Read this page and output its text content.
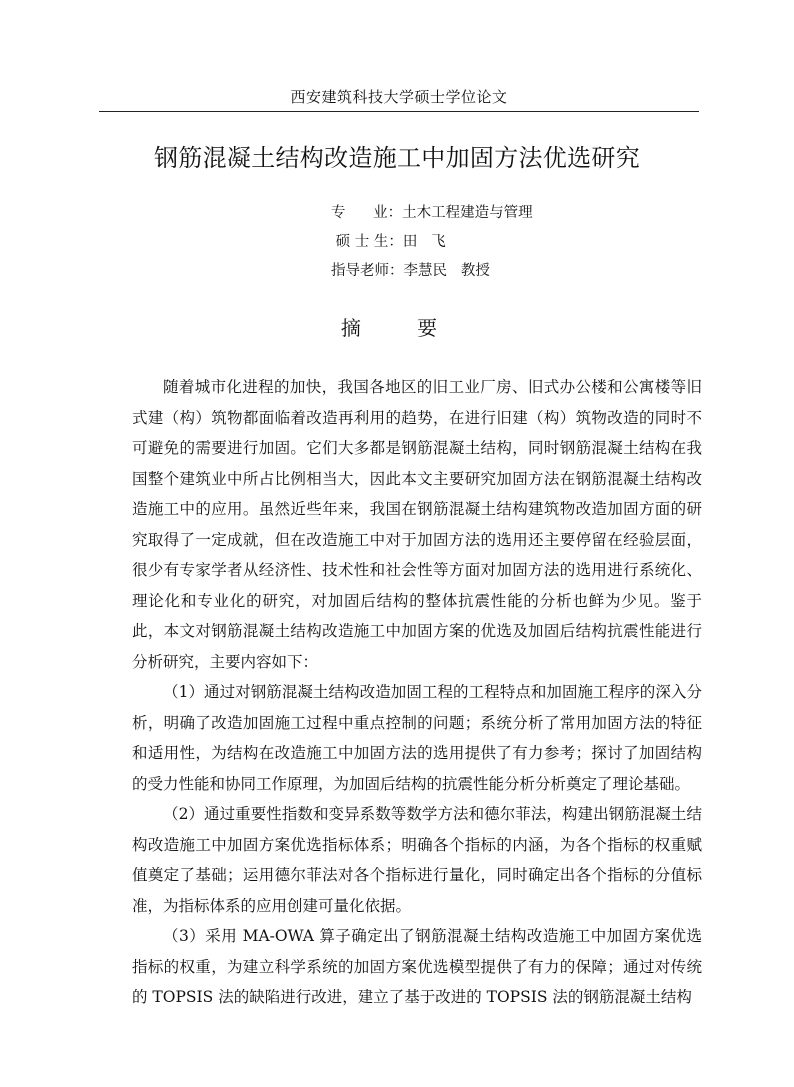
西安建筑科技大学硕士学位论文
钢筋混凝土结构改造施工中加固方法优选研究
专      业：土木工程建造与管理
硕 士 生：田   飞
指导老师：李慧民   教授
摘 要

随着城市化进程的加快，我国各地区的旧工业厂房、旧式办公楼和公寓楼等旧式建（构）筑物都面临着改造再利用的趋势，在进行旧建（构）筑物改造的同时不可避免的需要进行加固。它们大多都是钢筋混凝土结构，同时钢筋混凝土结构在我国整个建筑业中所占比例相当大，因此本文主要研究加固方法在钢筋混凝土结构改造施工中的应用。虽然近些年来，我国在钢筋混凝土结构建筑物改造加固方面的研究取得了一定成就，但在改造施工中对于加固方法的选用还主要停留在经验层面，很少有专家学者从经济性、技术性和社会性等方面对加固方法的选用进行系统化、理论化和专业化的研究，对加固后结构的整体抗震性能的分析也鲜为少见。鉴于此，本文对钢筋混凝土结构改造施工中加固方案的优选及加固后结构抗震性能进行分析研究，主要内容如下：

（1）通过对钢筋混凝土结构改造加固工程的工程特点和加固施工程序的深入分析，明确了改造加固施工过程中重点控制的问题；系统分析了常用加固方法的特征和适用性，为结构在改造施工中加固方法的选用提供了有力参考；探讨了加固结构的受力性能和协同工作原理，为加固后结构的抗震性能分析分析奠定了理论基础。

（2）通过重要性指数和变异系数等数学方法和德尔菲法，构建出钢筋混凝土结构改造施工中加固方案优选指标体系；明确各个指标的内涵，为各个指标的权重赋值奠定了基础；运用德尔菲法对各个指标进行量化，同时确定出各个指标的分值标准，为指标体系的应用创建可量化依据。

（3）采用 MA-OWA 算子确定出了钢筋混凝土结构改造施工中加固方案优选指标的权重，为建立科学系统的加固方案优选模型提供了有力的保障；通过对传统的 TOPSIS 法的缺陷进行改进，建立了基于改进的 TOPSIS 法的钢筋混凝土结构
